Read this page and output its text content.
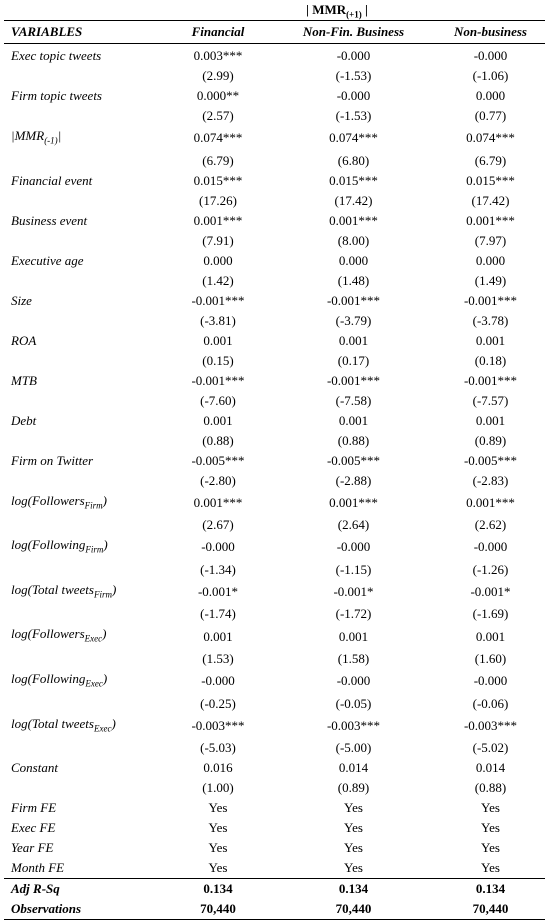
| $MMR_{(+1)}$ |
VARIABLES	Financial	Non-Fin. Business	Non-business
Exec topic tweets	0.003***	-0.000	-0.000
	(2.99)	(-1.53)	(-1.06)
Firm topic tweets	0.000**	-0.000	0.000
	(2.57)	(-1.53)	(0.77)
$|MMR_{(-1)}|$	0.074***	0.074***	0.074***
	(6.79)	(6.80)	(6.79)
Financial event	0.015***	0.015***	0.015***
	(17.26)	(17.42)	(17.42)
Business event	0.001***	0.001***	0.001***
	(7.91)	(8.00)	(7.97)
Executive age	0.000	0.000	0.000
	(1.42)	(1.48)	(1.49)
Size	-0.001***	-0.001***	-0.001***
	(-3.81)	(-3.79)	(-3.78)
ROA	0.001	0.001	0.001
	(0.15)	(0.17)	(0.18)
MTB	-0.001***	-0.001***	-0.001***
	(-7.60)	(-7.58)	(-7.57)
Debt	0.001	0.001	0.001
	(0.88)	(0.88)	(0.89)
Firm on Twitter	-0.005***	-0.005***	-0.005***
	(-2.80)	(-2.88)	(-2.83)
log(Followers$_{Firm}$)	0.001***	0.001***	0.001***
	(2.67)	(2.64)	(2.62)
log(Following$_{Firm}$)	-0.000	-0.000	-0.000
	(-1.34)	(-1.15)	(-1.26)
log(Total tweets$_{Firm}$)	-0.001*	-0.001*	-0.001*
	(-1.74)	(-1.72)	(-1.69)
log(Followers$_{Exec}$)	0.001	0.001	0.001
	(1.53)	(1.58)	(1.60)
log(Following$_{Exec}$)	-0.000	-0.000	-0.000
	(-0.25)	(-0.05)	(-0.06)
log(Total tweets$_{Exec}$)	-0.003***	-0.003***	-0.003***
	(-5.03)	(-5.00)	(-5.02)
Constant	0.016	0.014	0.014
	(1.00)	(0.89)	(0.88)
Firm FE	Yes	Yes	Yes
Exec FE	Yes	Yes	Yes
Year FE	Yes	Yes	Yes
Month FE	Yes	Yes	Yes
Adj R-Sq	0.134	0.134	0.134
Observations	70,440	70,440	70,440
